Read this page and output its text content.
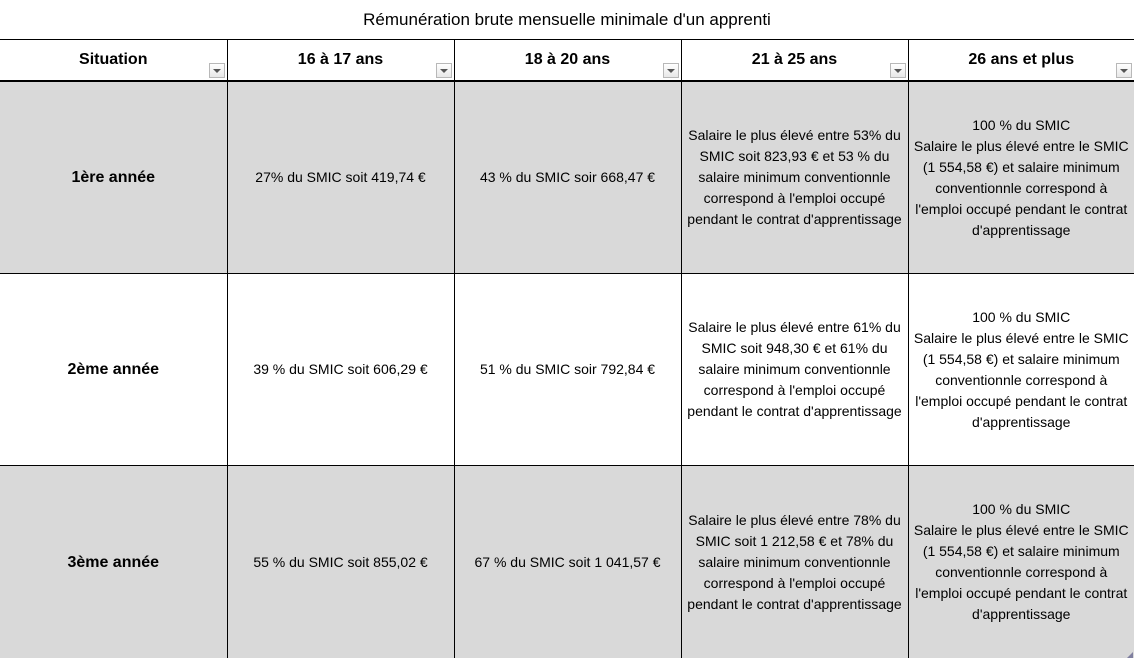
Rémunération brute mensuelle minimale d'un apprenti
Situation	16 à 17 ans	18 à 20 ans	21 à 25 ans	26 ans et plus

1ère année	27% du SMIC soit 419,74 €	43 % du SMIC soir 668,47 €	Salaire le plus élevé entre 53% du SMIC soit 823,93 € et 53 % du salaire minimum conventionnle correspond à l'emploi occupé pendant le contrat d'apprentissage	100 % du SMIC
Salaire le plus élevé entre le SMIC (1 554,58 €) et salaire minimum conventionnle correspond à l'emploi occupé pendant le contrat d'apprentissage
2ème année	39 % du SMIC soit 606,29 €	51 % du SMIC soir 792,84 €	Salaire le plus élevé entre 61% du SMIC soit 948,30 € et 61% du salaire minimum conventionnle correspond à l'emploi occupé pendant le contrat d'apprentissage	100 % du SMIC
Salaire le plus élevé entre le SMIC (1 554,58 €) et salaire minimum conventionnle correspond à l'emploi occupé pendant le contrat d'apprentissage
3ème année	55 % du SMIC soit 855,02 €	67 % du SMIC soit 1 041,57 €	Salaire le plus élevé entre 78% du SMIC soit 1 212,58 € et 78% du salaire minimum conventionnle correspond à l'emploi occupé pendant le contrat d'apprentissage	100 % du SMIC
Salaire le plus élevé entre le SMIC (1 554,58 €) et salaire minimum conventionnle correspond à l'emploi occupé pendant le contrat d'apprentissage
